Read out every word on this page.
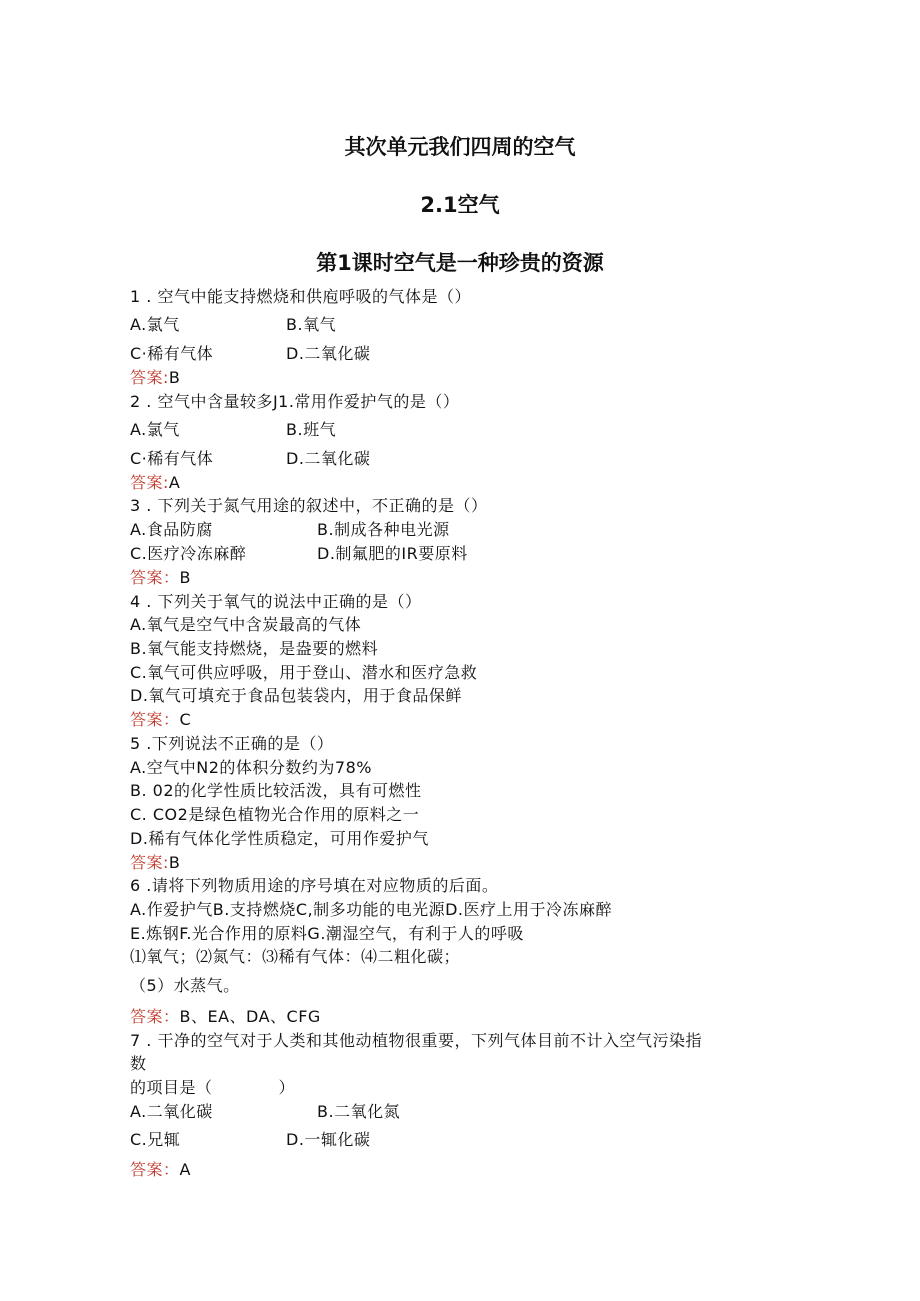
其次单元我们四周的空气
2.1空气
第1课时空气是一种珍贵的资源
1 . 空气中能支持燃烧和供庖呼吸的气体是（）
A.氯气	B.氧气
C·稀有气体	D.二氧化碳
答案:B
2 . 空气中含量较多J1.常用作爱护气的是（）
A.氯气	B.班气
C·稀有气体	D.二氧化碳
答案:A
3 . 下列关于氮气用途的叙述中，不正确的是（）
A.食品防腐	B.制成各种电光源
C.医疗冷冻麻醉	D.制氟肥的IR要原料
答案：B
4 . 下列关于氧气的说法中正确的是（）
A.氧气是空气中含炭最高的气体
B.氧气能支持燃烧，是盎要的燃料
C.氧气可供应呼吸，用于登山、潜水和医疗急救
D.氧气可填充于食品包装袋内，用于食品保鲜
答案：C
5 .下列说法不正确的是（）
A.空气中N2的体积分数约为78%
B. 02的化学性质比较活泼，具有可燃性
C. CO2是绿色植物光合作用的原料之一
D.稀有气体化学性质稳定，可用作爱护气
答案:B
6 .请将下列物质用途的序号填在对应物质的后面。
A.作爱护气B.支持燃烧C,制多功能的电光源D.医疗上用于冷冻麻醉
E.炼钢F.光合作用的原料G.潮湿空气，有利于人的呼吸
⑴氧气；⑵氮气：⑶稀有气体：⑷二粗化碳；
（5）水蒸气。
答案：B、EA、DA、CFG
7 . 干净的空气对于人类和其他动植物很重要，下列气体目前不计入空气污染指
数
的项目是（　　　　）
A.二氧化碳	B.二氧化氮
C.兄辄	D.一辄化碳
答案：A
